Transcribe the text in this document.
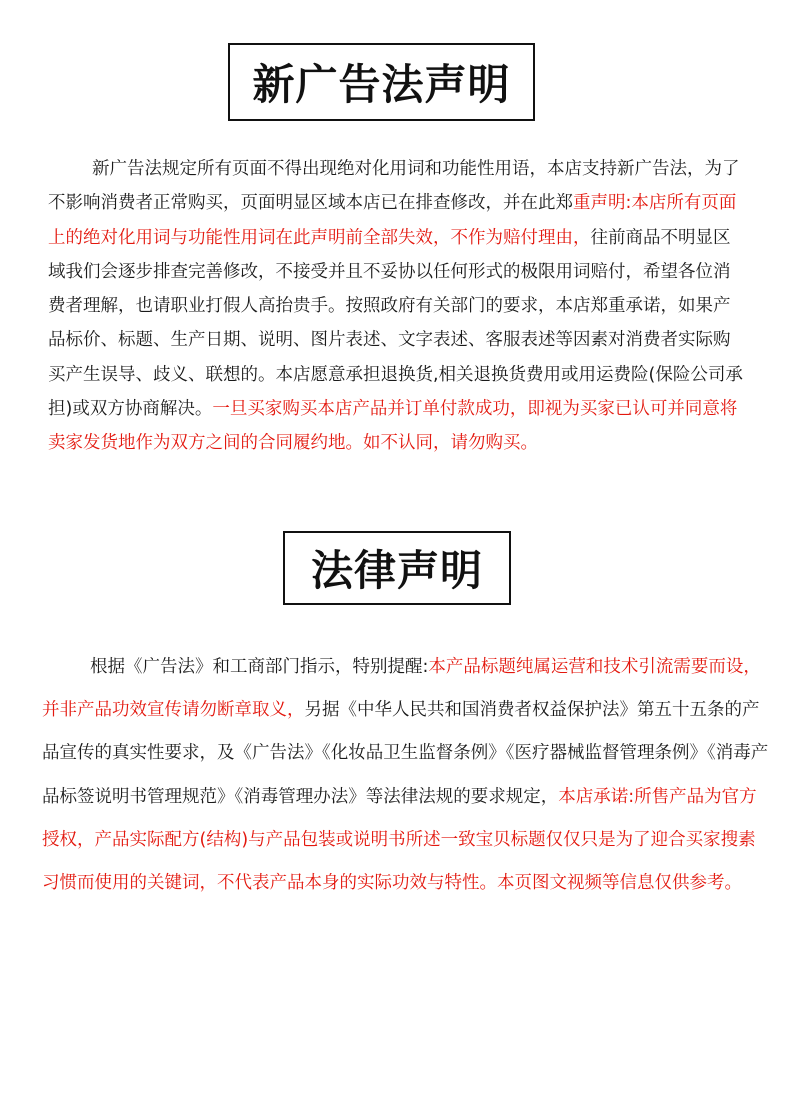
新广告法声明

新广告法规定所有页面不得出现绝对化用词和功能性用语，本店支持新广告法，为了不影响消费者正常购买，页面明显区域本店已在排查修改，并在此郑重声明:本店所有页面上的绝对化用词与功能性用词在此声明前全部失效，不作为赔付理由，往前商品不明显区域我们会逐步排查完善修改，不接受并且不妥协以任何形式的极限用词赔付，希望各位消费者理解，也请职业打假人高抬贵手。按照政府有关部门的要求，本店郑重承诺，如果产品标价、标题、生产日期、说明、图片表述、文字表述、客服表述等因素对消费者实际购买产生误导、歧义、联想的。本店愿意承担退换货,相关退换货费用或用运费险(保险公司承担)或双方协商解决。一旦买家购买本店产品并订单付款成功，即视为买家已认可并同意将卖家发货地作为双方之间的合同履约地。如不认同，请勿购买。

法律声明

根据《广告法》和工商部门指示，特别提醒:本产品标题纯属运营和技术引流需要而设，并非产品功效宣传请勿断章取义，另据《中华人民共和国消费者权益保护法》第五十五条的产品宣传的真实性要求，及《广告法》《化妆品卫生监督条例》《医疗器械监督管理条例》《消毒产品标签说明书管理规范》《消毒管理办法》等法律法规的要求规定，本店承诺:所售产品为官方授权，产品实际配方(结构)与产品包装或说明书所述一致宝贝标题仅仅只是为了迎合买家搜素习惯而使用的关键词，不代表产品本身的实际功效与特性。本页图文视频等信息仅供参考。
